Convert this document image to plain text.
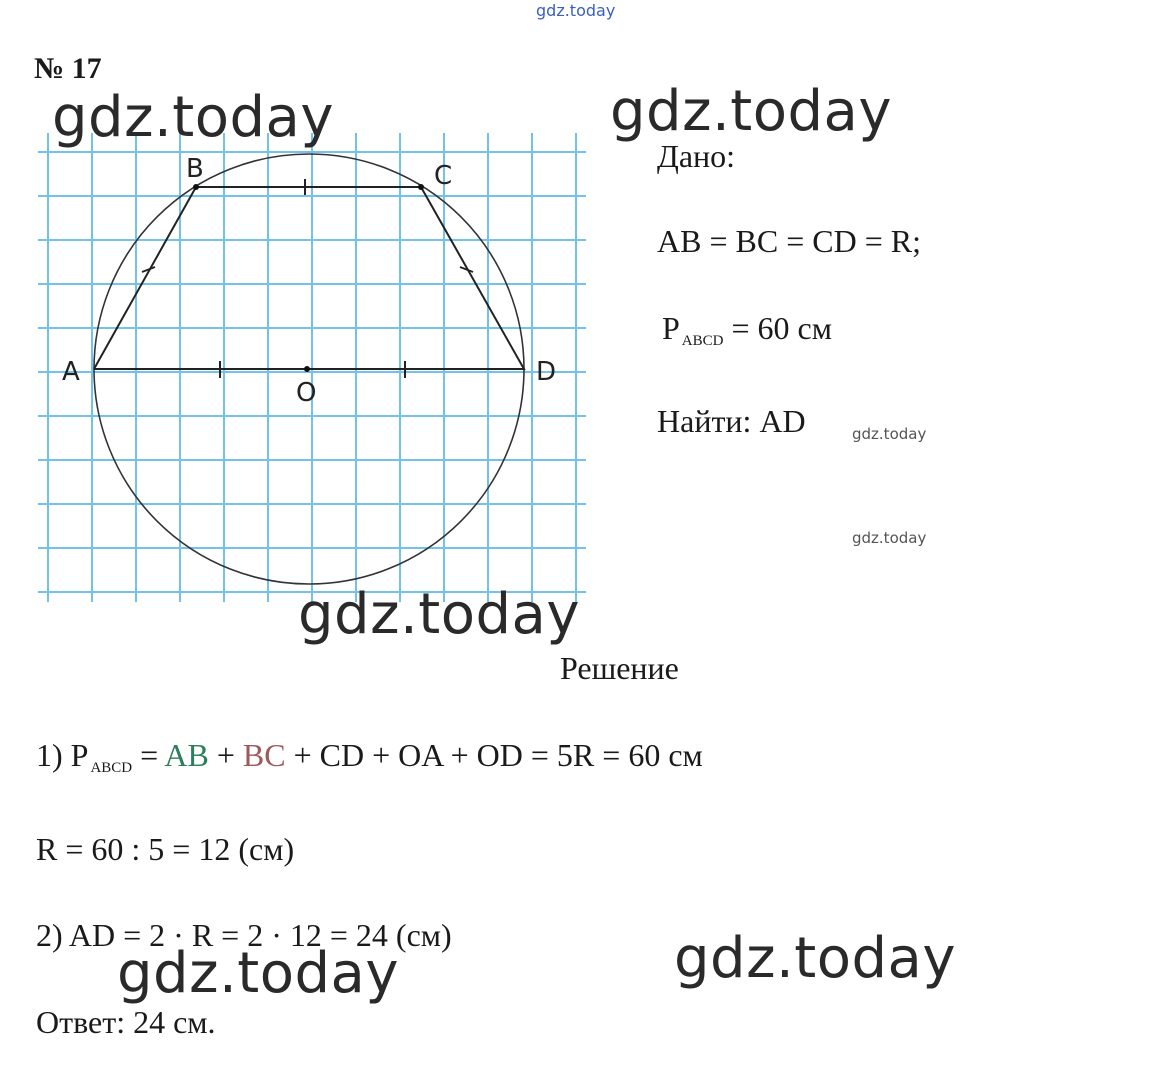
gdz.today
№ 17
B	C
A	D
O
gdz.today	gdz.today
gdz.today
gdz.today	gdz.today
gdz.today
gdz.today
Дано:
AB = BC = CD = R;
P $_{ABCD}$ = 60 см
Найти: AD
Решение
1) P $_{ABCD}$ = AB + BC + CD + OA + OD = 5R = 60 см
R = 60 : 5 = 12 (см)
2) AD = 2 · R = 2 · 12 = 24 (см)
Ответ: 24 см.
